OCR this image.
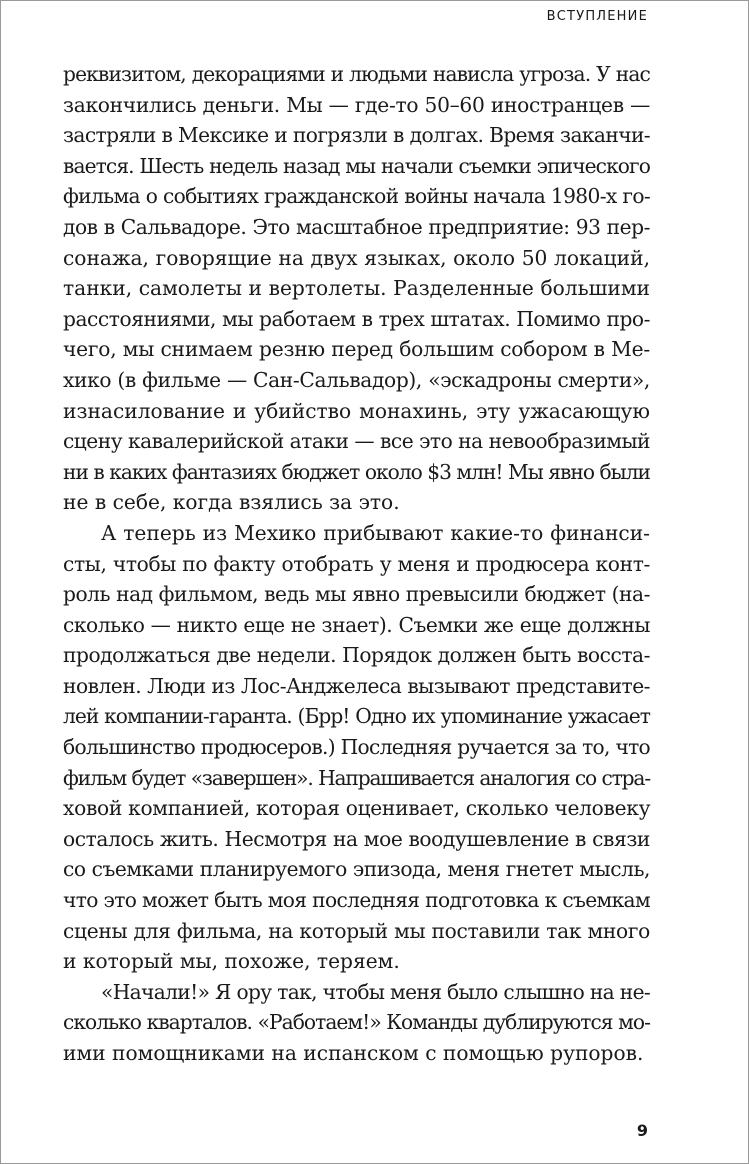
ВСТУПЛЕНИЕ
реквизитом, декорациями и людьми нависла угроза. У нас
закончились деньги. Мы — где-то 50–60 иностранцев —
застряли в Мексике и погрязли в долгах. Время заканчи-
вается. Шесть недель назад мы начали съемки эпического
фильма о событиях гражданской войны начала 1980-х го-
дов в Сальвадоре. Это масштабное предприятие: 93 пер-
сонажа, говорящие на двух языках, около 50 локаций,
танки, самолеты и вертолеты. Разделенные большими
расстояниями, мы работаем в трех штатах. Помимо про-
чего, мы снимаем резню перед большим собором в Ме-
хико (в фильме — Сан-Сальвадор), «эскадроны смерти»,
изнасилование и убийство монахинь, эту ужасающую
сцену кавалерийской атаки — все это на невообразимый
ни в каких фантазиях бюджет около $3 млн! Мы явно были
не в себе, когда взялись за это.
А теперь из Мехико прибывают какие-то финанси-
сты, чтобы по факту отобрать у меня и продюсера конт-
роль над фильмом, ведь мы явно превысили бюджет (на-
сколько — никто еще не знает). Съемки же еще должны
продолжаться две недели. Порядок должен быть восста-
новлен. Люди из Лос-Анджелеса вызывают представите-
лей компании-гаранта. (Брр! Одно их упоминание ужасает
большинство продюсеров.) Последняя ручается за то, что
фильм будет «завершен». Напрашивается аналогия со стра-
ховой компанией, которая оценивает, сколько человеку
осталось жить. Несмотря на мое воодушевление в связи
со съемками планируемого эпизода, меня гнетет мысль,
что это может быть моя последняя подготовка к съемкам
сцены для фильма, на который мы поставили так много
и который мы, похоже, теряем.
«Начали!» Я ору так, чтобы меня было слышно на не-
сколько кварталов. «Работаем!» Команды дублируются мо-
ими помощниками на испанском с помощью рупоров.
9
